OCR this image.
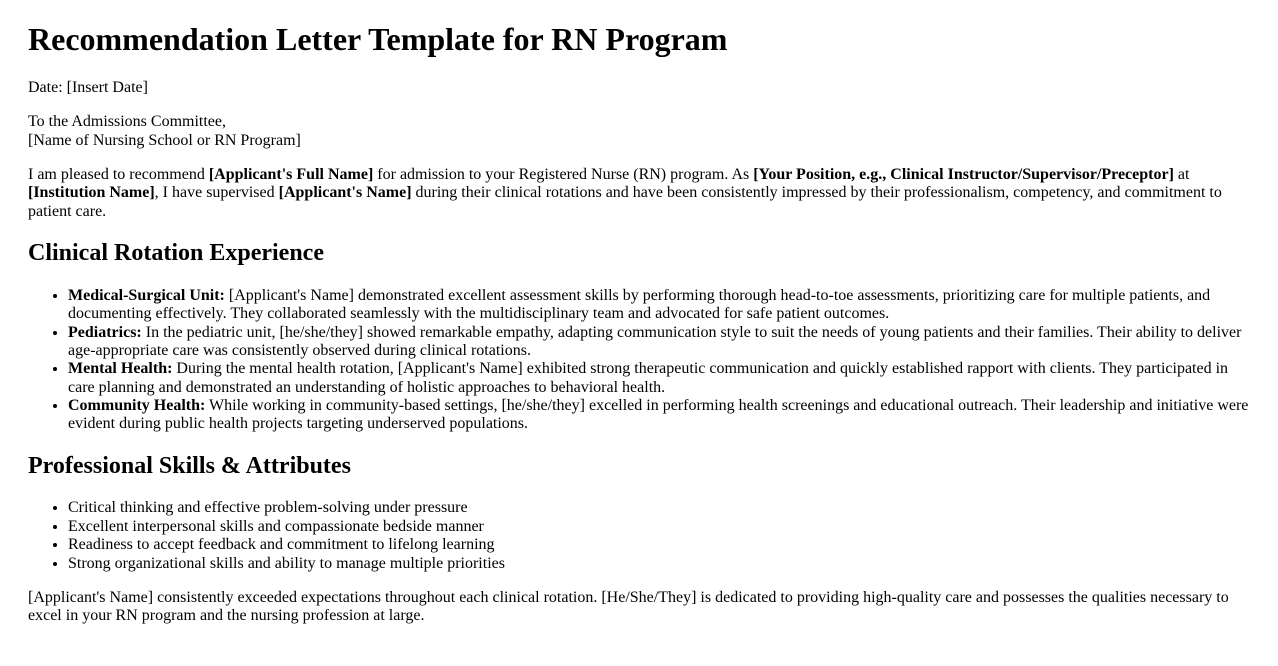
Recommendation Letter Template for RN Program

Date: [Insert Date]

To the Admissions Committee,
[Name of Nursing School or RN Program]

I am pleased to recommend [Applicant's Full Name] for admission to your Registered Nurse (RN) program. As [Your Position, e.g., Clinical Instructor/Supervisor/Preceptor] at [Institution Name], I have supervised [Applicant's Name] during their clinical rotations and have been consistently impressed by their professionalism, competency, and commitment to patient care.

Clinical Rotation Experience
• Medical-Surgical Unit: [Applicant's Name] demonstrated excellent assessment skills by performing thorough head-to-toe assessments, prioritizing care for multiple patients, and documenting effectively. They collaborated seamlessly with the multidisciplinary team and advocated for safe patient outcomes.
• Pediatrics: In the pediatric unit, [he/she/they] showed remarkable empathy, adapting communication style to suit the needs of young patients and their families. Their ability to deliver age-appropriate care was consistently observed during clinical rotations.
• Mental Health: During the mental health rotation, [Applicant's Name] exhibited strong therapeutic communication and quickly established rapport with clients. They participated in care planning and demonstrated an understanding of holistic approaches to behavioral health.
• Community Health: While working in community-based settings, [he/she/they] excelled in performing health screenings and educational outreach. Their leadership and initiative were evident during public health projects targeting underserved populations.
Professional Skills & Attributes
• Critical thinking and effective problem-solving under pressure
• Excellent interpersonal skills and compassionate bedside manner
• Readiness to accept feedback and commitment to lifelong learning
• Strong organizational skills and ability to manage multiple priorities

[Applicant's Name] consistently exceeded expectations throughout each clinical rotation. [He/She/They] is dedicated to providing high-quality care and possesses the qualities necessary to excel in your RN program and the nursing profession at large.
